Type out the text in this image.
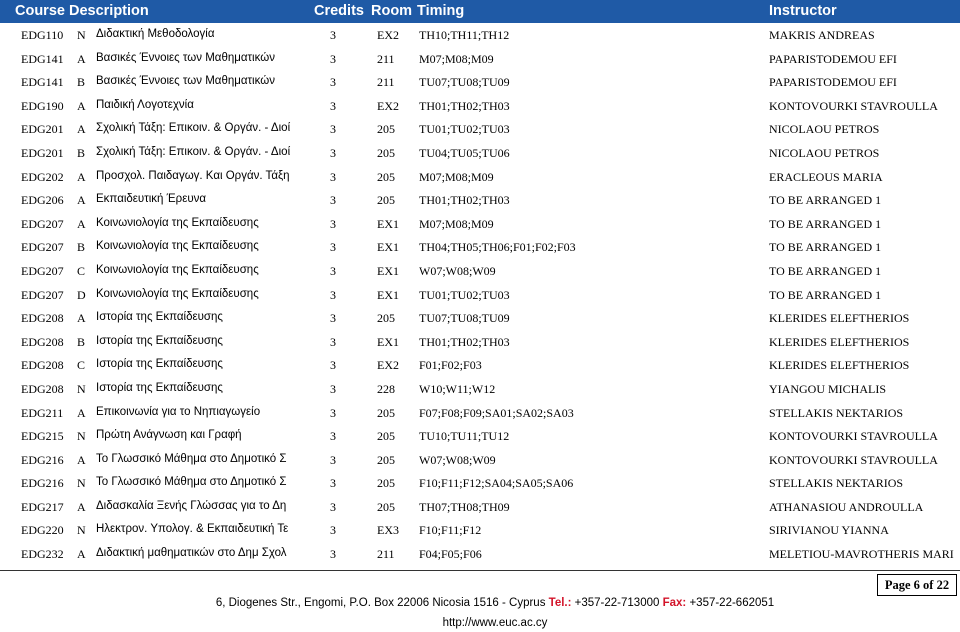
Course Description	Credits Room Timing	Instructor
EDG110	N Διδακτική Μεθοδολογία	3	EX2	TH10;TH11;TH12	MAKRIS ANDREAS
EDG141	A Βασικές Έννοιες των Μαθηματικών	3	211	M07;M08;M09	PAPARISTODEMOU EFI
EDG141	B Βασικές Έννοιες των Μαθηματικών	3	211	TU07;TU08;TU09	PAPARISTODEMOU EFI
EDG190	A Παιδική Λογοτεχνία	3	EX2	TH01;TH02;TH03	KONTOVOURKI STAVROULLA
EDG201	A Σχολική Τάξη: Επικοιν. & Οργάν. - Διοί	3	205	TU01;TU02;TU03	NICOLAOU PETROS
EDG201	B Σχολική Τάξη: Επικοιν. & Οργάν. - Διοί	3	205	TU04;TU05;TU06	NICOLAOU PETROS
EDG202	A Προσχολ. Παιδαγωγ. Και Οργάν. Τάξη	3	205	M07;M08;M09	ERACLEOUS MARIA
EDG206	A Εκπαιδευτική Έρευνα	3	205	TH01;TH02;TH03	TO BE ARRANGED 1
EDG207	A Κοινωνιολογία της Εκπαίδευσης	3	EX1	M07;M08;M09	TO BE ARRANGED 1
EDG207	B Κοινωνιολογία της Εκπαίδευσης	3	EX1	TH04;TH05;TH06;F01;F02;F03	TO BE ARRANGED 1
EDG207	C Κοινωνιολογία της Εκπαίδευσης	3	EX1	W07;W08;W09	TO BE ARRANGED 1
EDG207	D Κοινωνιολογία της Εκπαίδευσης	3	EX1	TU01;TU02;TU03	TO BE ARRANGED 1
EDG208	A Ιστορία της Εκπαίδευσης	3	205	TU07;TU08;TU09	KLERIDES ELEFTHERIOS
EDG208	B Ιστορία της Εκπαίδευσης	3	EX1	TH01;TH02;TH03	KLERIDES ELEFTHERIOS
EDG208	C Ιστορία της Εκπαίδευσης	3	EX2	F01;F02;F03	KLERIDES ELEFTHERIOS
EDG208	N Ιστορία της Εκπαίδευσης	3	228	W10;W11;W12	YIANGOU MICHALIS
EDG211	A Επικοινωνία για το Νηπιαγωγείο	3	205	F07;F08;F09;SA01;SA02;SA03	STELLAKIS NEKTARIOS
EDG215	N Πρώτη Ανάγνωση και Γραφή	3	205	TU10;TU11;TU12	KONTOVOURKI STAVROULLA
EDG216	A Το Γλωσσικό Μάθημα στο Δημοτικό Σ	3	205	W07;W08;W09	KONTOVOURKI STAVROULLA
EDG216	N Το Γλωσσικό Μάθημα στο Δημοτικό Σ	3	205	F10;F11;F12;SA04;SA05;SA06	STELLAKIS NEKTARIOS
EDG217	A Διδασκαλία Ξενής Γλώσσας για το Δη	3	205	TH07;TH08;TH09	ATHANASIOU ANDROULLA
EDG220	N Ηλεκτρον. Υπολογ. & Εκπαιδευτική Τε	3	EX3	F10;F11;F12	SIRIVIANOU YIANNA
EDG232	A Διδακτική μαθηματικών στο Δημ Σχολ	3	211	F04;F05;F06	MELETIOU-MAVROTHERIS MARI
Page 6 of 22
6, Diogenes Str., Engomi, P.O. Box 22006 Nicosia 1516 - Cyprus Tel.: +357-22-713000 Fax: +357-22-662051
http://www.euc.ac.cy
